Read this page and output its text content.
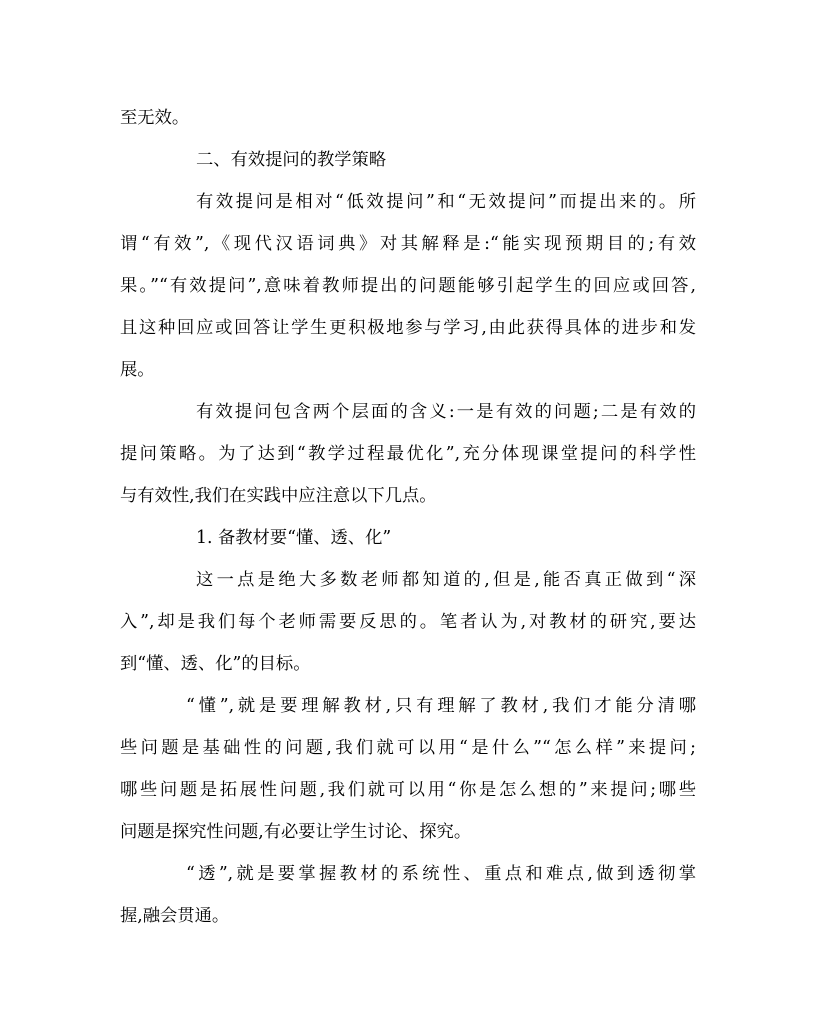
至无效。
二、有效提问的教学策略
有效提问是相对“低效提问”和“无效提问”而提出来的。所
谓“有效”,《现代汉语词典》对其解释是:“能实现预期目的;有效
果。”“有效提问”,意味着教师提出的问题能够引起学生的回应或回答,
且这种回应或回答让学生更积极地参与学习,由此获得具体的进步和发
展。
有效提问包含两个层面的含义:一是有效的问题;二是有效的
提问策略。为了达到“教学过程最优化”,充分体现课堂提问的科学性
与有效性,我们在实践中应注意以下几点。
1. 备教材要“懂、透、化”
这一点是绝大多数老师都知道的,但是,能否真正做到“深
入”,却是我们每个老师需要反思的。笔者认为,对教材的研究,要达
到“懂、透、化”的目标。
“懂”,就是要理解教材,只有理解了教材,我们才能分清哪
些问题是基础性的问题,我们就可以用“是什么”“怎么样”来提问;
哪些问题是拓展性问题,我们就可以用“你是怎么想的”来提问;哪些
问题是探究性问题,有必要让学生讨论、探究。
“透”,就是要掌握教材的系统性、重点和难点,做到透彻掌
握,融会贯通。
